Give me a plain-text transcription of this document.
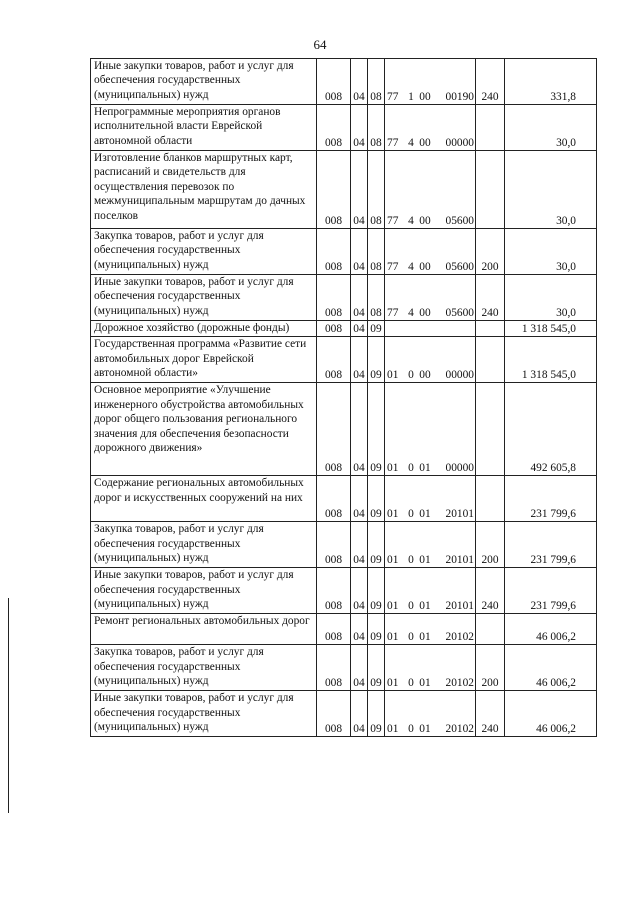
64
Иные закупки товаров, работ и услуг для обеспечения государственных (муниципальных) нужд	008	04	08	77 1 00 00190	240	331,8
Непрограммные мероприятия органов исполнительной власти Еврейской автономной области	008	04	08	77 4 00 00000		30,0
Изготовление бланков маршрутных карт, расписаний и свидетельств для осуществления перевозок по межмуниципальным маршрутам до дачных поселков	008	04	08	77 4 00 05600		30,0
Закупка товаров, работ и услуг для обеспечения государственных (муниципальных) нужд	008	04	08	77 4 00 05600	200	30,0
Иные закупки товаров, работ и услуг для обеспечения государственных (муниципальных) нужд	008	04	08	77 4 00 05600	240	30,0
Дорожное хозяйство (дорожные фонды)	008	04	09			1 318 545,0
Государственная программа «Развитие сети автомобильных дорог Еврейской автономной области»	008	04	09	01 0 00 00000		1 318 545,0
Основное мероприятие «Улучшение инженерного обустройства автомобильных дорог общего пользования регионального значения для обеспечения безопасности дорожного движения»	008	04	09	01 0 01 00000		492 605,8
Содержание региональных автомобильных дорог и искусственных сооружений на них	008	04	09	01 0 01 20101		231 799,6
Закупка товаров, работ и услуг для обеспечения государственных (муниципальных) нужд	008	04	09	01 0 01 20101	200	231 799,6
Иные закупки товаров, работ и услуг для обеспечения государственных (муниципальных) нужд	008	04	09	01 0 01 20101	240	231 799,6
Ремонт региональных автомобильных дорог	008	04	09	01 0 01 20102		46 006,2
Закупка товаров, работ и услуг для обеспечения государственных (муниципальных) нужд	008	04	09	01 0 01 20102	200	46 006,2
Иные закупки товаров, работ и услуг для обеспечения государственных (муниципальных) нужд	008	04	09	01 0 01 20102	240	46 006,2
